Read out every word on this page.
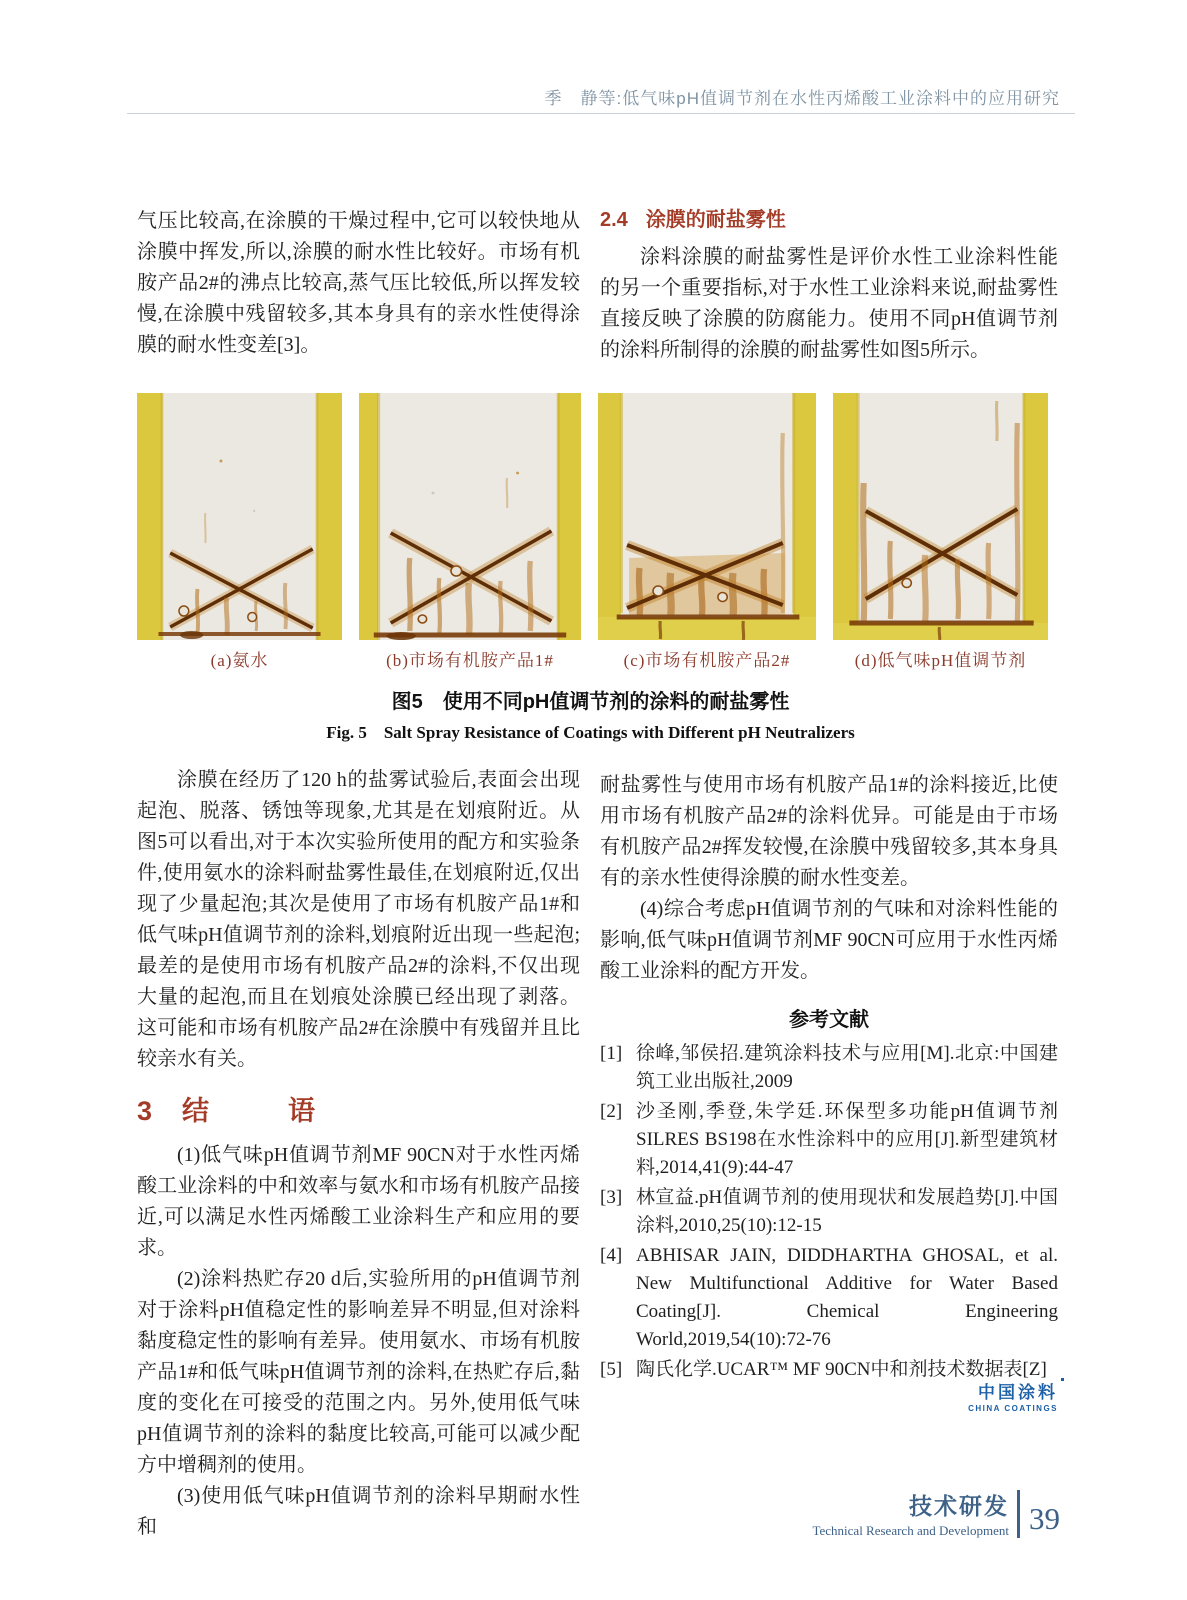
季　静等:低气味pH值调节剂在水性丙烯酸工业涂料中的应用研究
气压比较高,在涂膜的干燥过程中,它可以较快地从涂膜中挥发,所以,涂膜的耐水性比较好。市场有机胺产品2#的沸点比较高,蒸气压比较低,所以挥发较慢,在涂膜中残留较多,其本身具有的亲水性使得涂膜的耐水性变差[3]。
2.4 涂膜的耐盐雾性
涂料涂膜的耐盐雾性是评价水性工业涂料性能的另一个重要指标,对于水性工业涂料来说,耐盐雾性直接反映了涂膜的防腐能力。使用不同pH值调节剂的涂料所制得的涂膜的耐盐雾性如图5所示。
(a)氨水	(b)市场有机胺产品1#	(c)市场有机胺产品2#	(d)低气味pH值调节剂
图5　使用不同pH值调节剂的涂料的耐盐雾性
Fig. 5　Salt Spray Resistance of Coatings with Different pH Neutralizers
涂膜在经历了120 h的盐雾试验后,表面会出现起泡、脱落、锈蚀等现象,尤其是在划痕附近。从图5可以看出,对于本次实验所使用的配方和实验条件,使用氨水的涂料耐盐雾性最佳,在划痕附近,仅出现了少量起泡;其次是使用了市场有机胺产品1#和低气味pH值调节剂的涂料,划痕附近出现一些起泡;最差的是使用市场有机胺产品2#的涂料,不仅出现大量的起泡,而且在划痕处涂膜已经出现了剥落。这可能和市场有机胺产品2#在涂膜中有残留并且比较亲水有关。
3 结　语
(1)低气味pH值调节剂MF 90CN对于水性丙烯酸工业涂料的中和效率与氨水和市场有机胺产品接近,可以满足水性丙烯酸工业涂料生产和应用的要求。
(2)涂料热贮存20 d后,实验所用的pH值调节剂对于涂料pH值稳定性的影响差异不明显,但对涂料黏度稳定性的影响有差异。使用氨水、市场有机胺产品1#和低气味pH值调节剂的涂料,在热贮存后,黏度的变化在可接受的范围之内。另外,使用低气味pH值调节剂的涂料的黏度比较高,可能可以减少配方中增稠剂的使用。
(3)使用低气味pH值调节剂的涂料早期耐水性和
耐盐雾性与使用市场有机胺产品1#的涂料接近,比使用市场有机胺产品2#的涂料优异。可能是由于市场有机胺产品2#挥发较慢,在涂膜中残留较多,其本身具有的亲水性使得涂膜的耐水性变差。
(4)综合考虑pH值调节剂的气味和对涂料性能的影响,低气味pH值调节剂MF 90CN可应用于水性丙烯酸工业涂料的配方开发。
参考文献
[1] 徐峰,邹侯招.建筑涂料技术与应用[M].北京:中国建筑工业出版社,2009
[2] 沙圣刚,季登,朱学廷.环保型多功能pH值调节剂SILRES BS198在水性涂料中的应用[J].新型建筑材料,2014,41(9):44-47
[3] 林宣益.pH值调节剂的使用现状和发展趋势[J].中国涂料,2010,25(10):12-15
[4] ABHISAR JAIN, DIDDHARTHA GHOSAL, et al. New Multifunctional Additive for Water Based Coating[J]. Chemical Engineering World,2019,54(10):72-76
[5] 陶氏化学.UCAR™ MF 90CN中和剂技术数据表[Z]
中国涂料
CHINA COATINGS
技术研发
Technical Research and Development 39
